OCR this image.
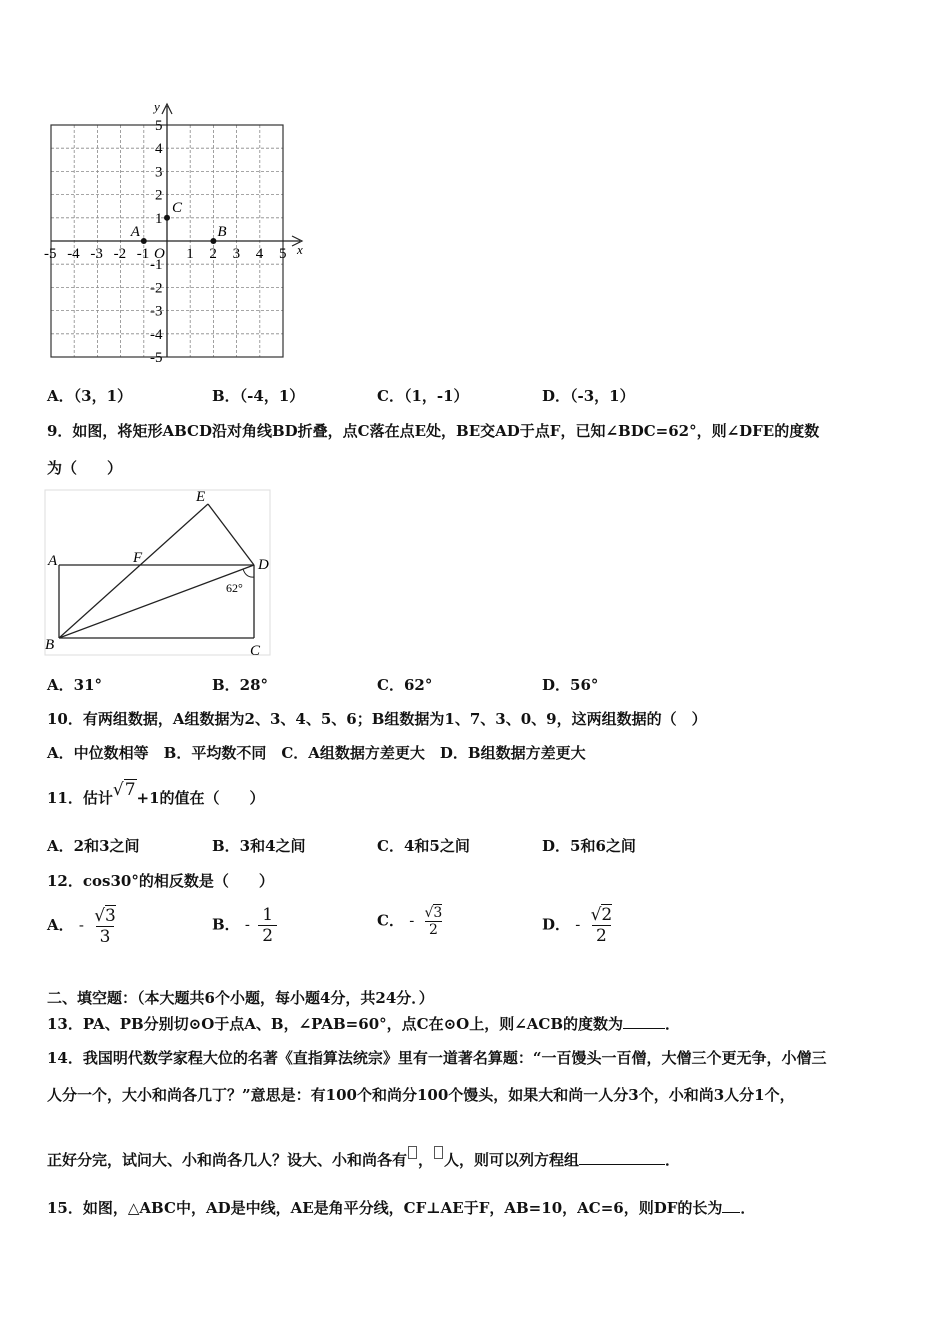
x
y
-5 -4 -3 -2 -1 1 2 3 4 5
5
4
3
2
1
-1
-2
-3
-4
-5
O
A	B
C
A．（3，1）	B．（-4，1）	C．（1，-1）	D．（-3，1）
9．如图，将矩形ABCD沿对角线BD折叠，点C落在点E处，BE交AD于点F，已知∠BDC=62°，则∠DFE的度数
为（　　）
E
A	F	D
B	C
62°
A．31°	B．28°	C．62°	D．56°
10．有两组数据，A组数据为2、3、4、5、6；B组数据为1、7、3、0、9，这两组数据的（　）
A．中位数相等　B．平均数不同　C．A组数据方差更大　D．B组数据方差更大
11．估计√7+1的值在（　　）
A．2和3之间	B．3和4之间	C．4和5之间	D．5和6之间
12．cos30°的相反数是（　　）
A． - $\frac{√3}{3}$	B． - $\frac{1}{2}$	C． - $\frac{√3}{2}$	D． - $\frac{√2}{2}$
二、填空题：（本大题共6个小题，每小题4分，共24分．）
13．PA、PB分别切⊙O于点A、B，∠PAB=60°，点C在⊙O上，则∠ACB的度数为	．
14．我国明代数学家程大位的名著《直指算法统宗》里有一道著名算题：“一百馒头一百僧，大僧三个更无争，小僧三
人分一个，大小和尚各几丁？”意思是：有100个和尚分100个馒头，如果大和尚一人分3个，小和尚3人分1个，
正好分完，试问大、小和尚各几人？设大、小和尚各有 ， 人，则可以列方程组	．
15．如图，△ABC中，AD是中线，AE是角平分线，CF⊥AE于F，AB=10，AC=6，则DF的长为 ．
